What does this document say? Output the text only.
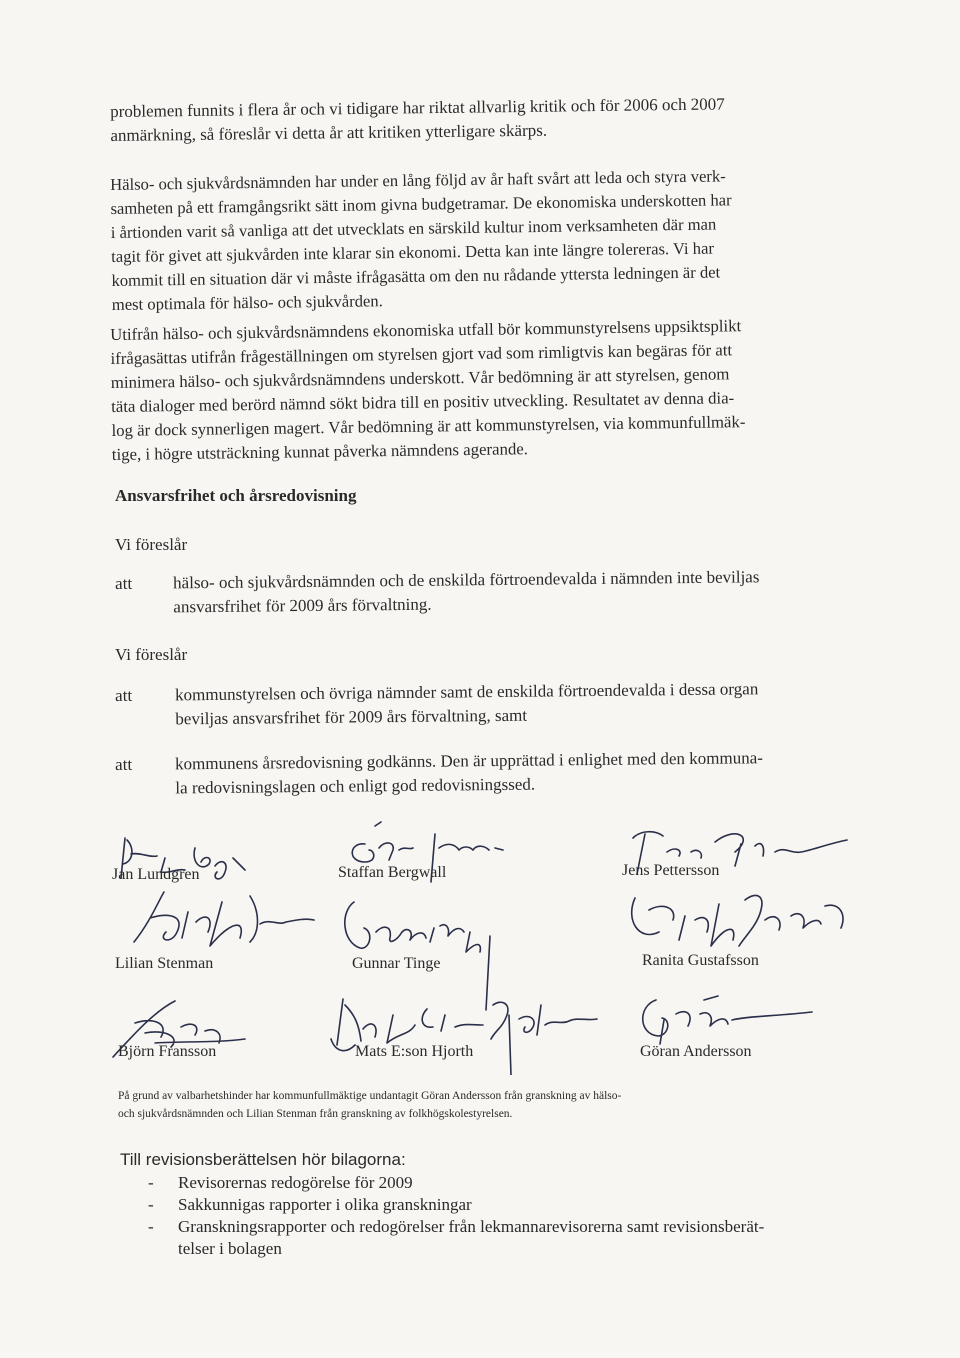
problemen funnits i flera år och vi tidigare har riktat allvarlig kritik och för 2006 och 2007
anmärkning, så föreslår vi detta år att kritiken ytterligare skärps.
Hälso- och sjukvårdsnämnden har under en lång följd av år haft svårt att leda och styra verk-
samheten på ett framgångsrikt sätt inom givna budgetramar. De ekonomiska underskotten har
i årtionden varit så vanliga att det utvecklats en särskild kultur inom verksamheten där man
tagit för givet att sjukvården inte klarar sin ekonomi. Detta kan inte längre tolereras. Vi har
kommit till en situation där vi måste ifrågasätta om den nu rådande yttersta ledningen är det
mest optimala för hälso- och sjukvården.
Utifrån hälso- och sjukvårdsnämndens ekonomiska utfall bör kommunstyrelsens uppsiktsplikt
ifrågasättas utifrån frågeställningen om styrelsen gjort vad som rimligtvis kan begäras för att
minimera hälso- och sjukvårdsnämndens underskott. Vår bedömning är att styrelsen, genom
täta dialoger med berörd nämnd sökt bidra till en positiv utveckling. Resultatet av denna dia-
log är dock synnerligen magert. Vår bedömning är att kommunstyrelsen, via kommunfullmäk-
tige, i högre utsträckning kunnat påverka nämndens agerande.
Ansvarsfrihet och årsredovisning
Vi föreslår
att hälso- och sjukvårdsnämnden och de enskilda förtroendevalda i nämnden inte beviljas
ansvarsfrihet för 2009 års förvaltning.
Vi föreslår
att	kommunstyrelsen och övriga nämnder samt de enskilda förtroendevalda i dessa organ
beviljas ansvarsfrihet för 2009 års förvaltning, samt
att	kommunens årsredovisning godkänns. Den är upprättad i enlighet med den kommuna-
la redovisningslagen och enligt god redovisningssed.
Jan Lundgren	Staffan Bergwall	Jens Pettersson
Lilian Stenman	Gunnar Tinge	Ranita Gustafsson
Björn Fransson	Mats E:son Hjorth	Göran Andersson
På grund av valbarhetshinder har kommunfullmäktige undantagit Göran Andersson från granskning av hälso-
och sjukvårdsnämnden och Lilian Stenman från granskning av folkhögskolestyrelsen.
Till revisionsberättelsen hör bilagorna:
- Revisorernas redogörelse för 2009
- Sakkunnigas rapporter i olika granskningar
- Granskningsrapporter och redogörelser från lekmannarevisorerna samt revisionsberät-
telser i bolagen
